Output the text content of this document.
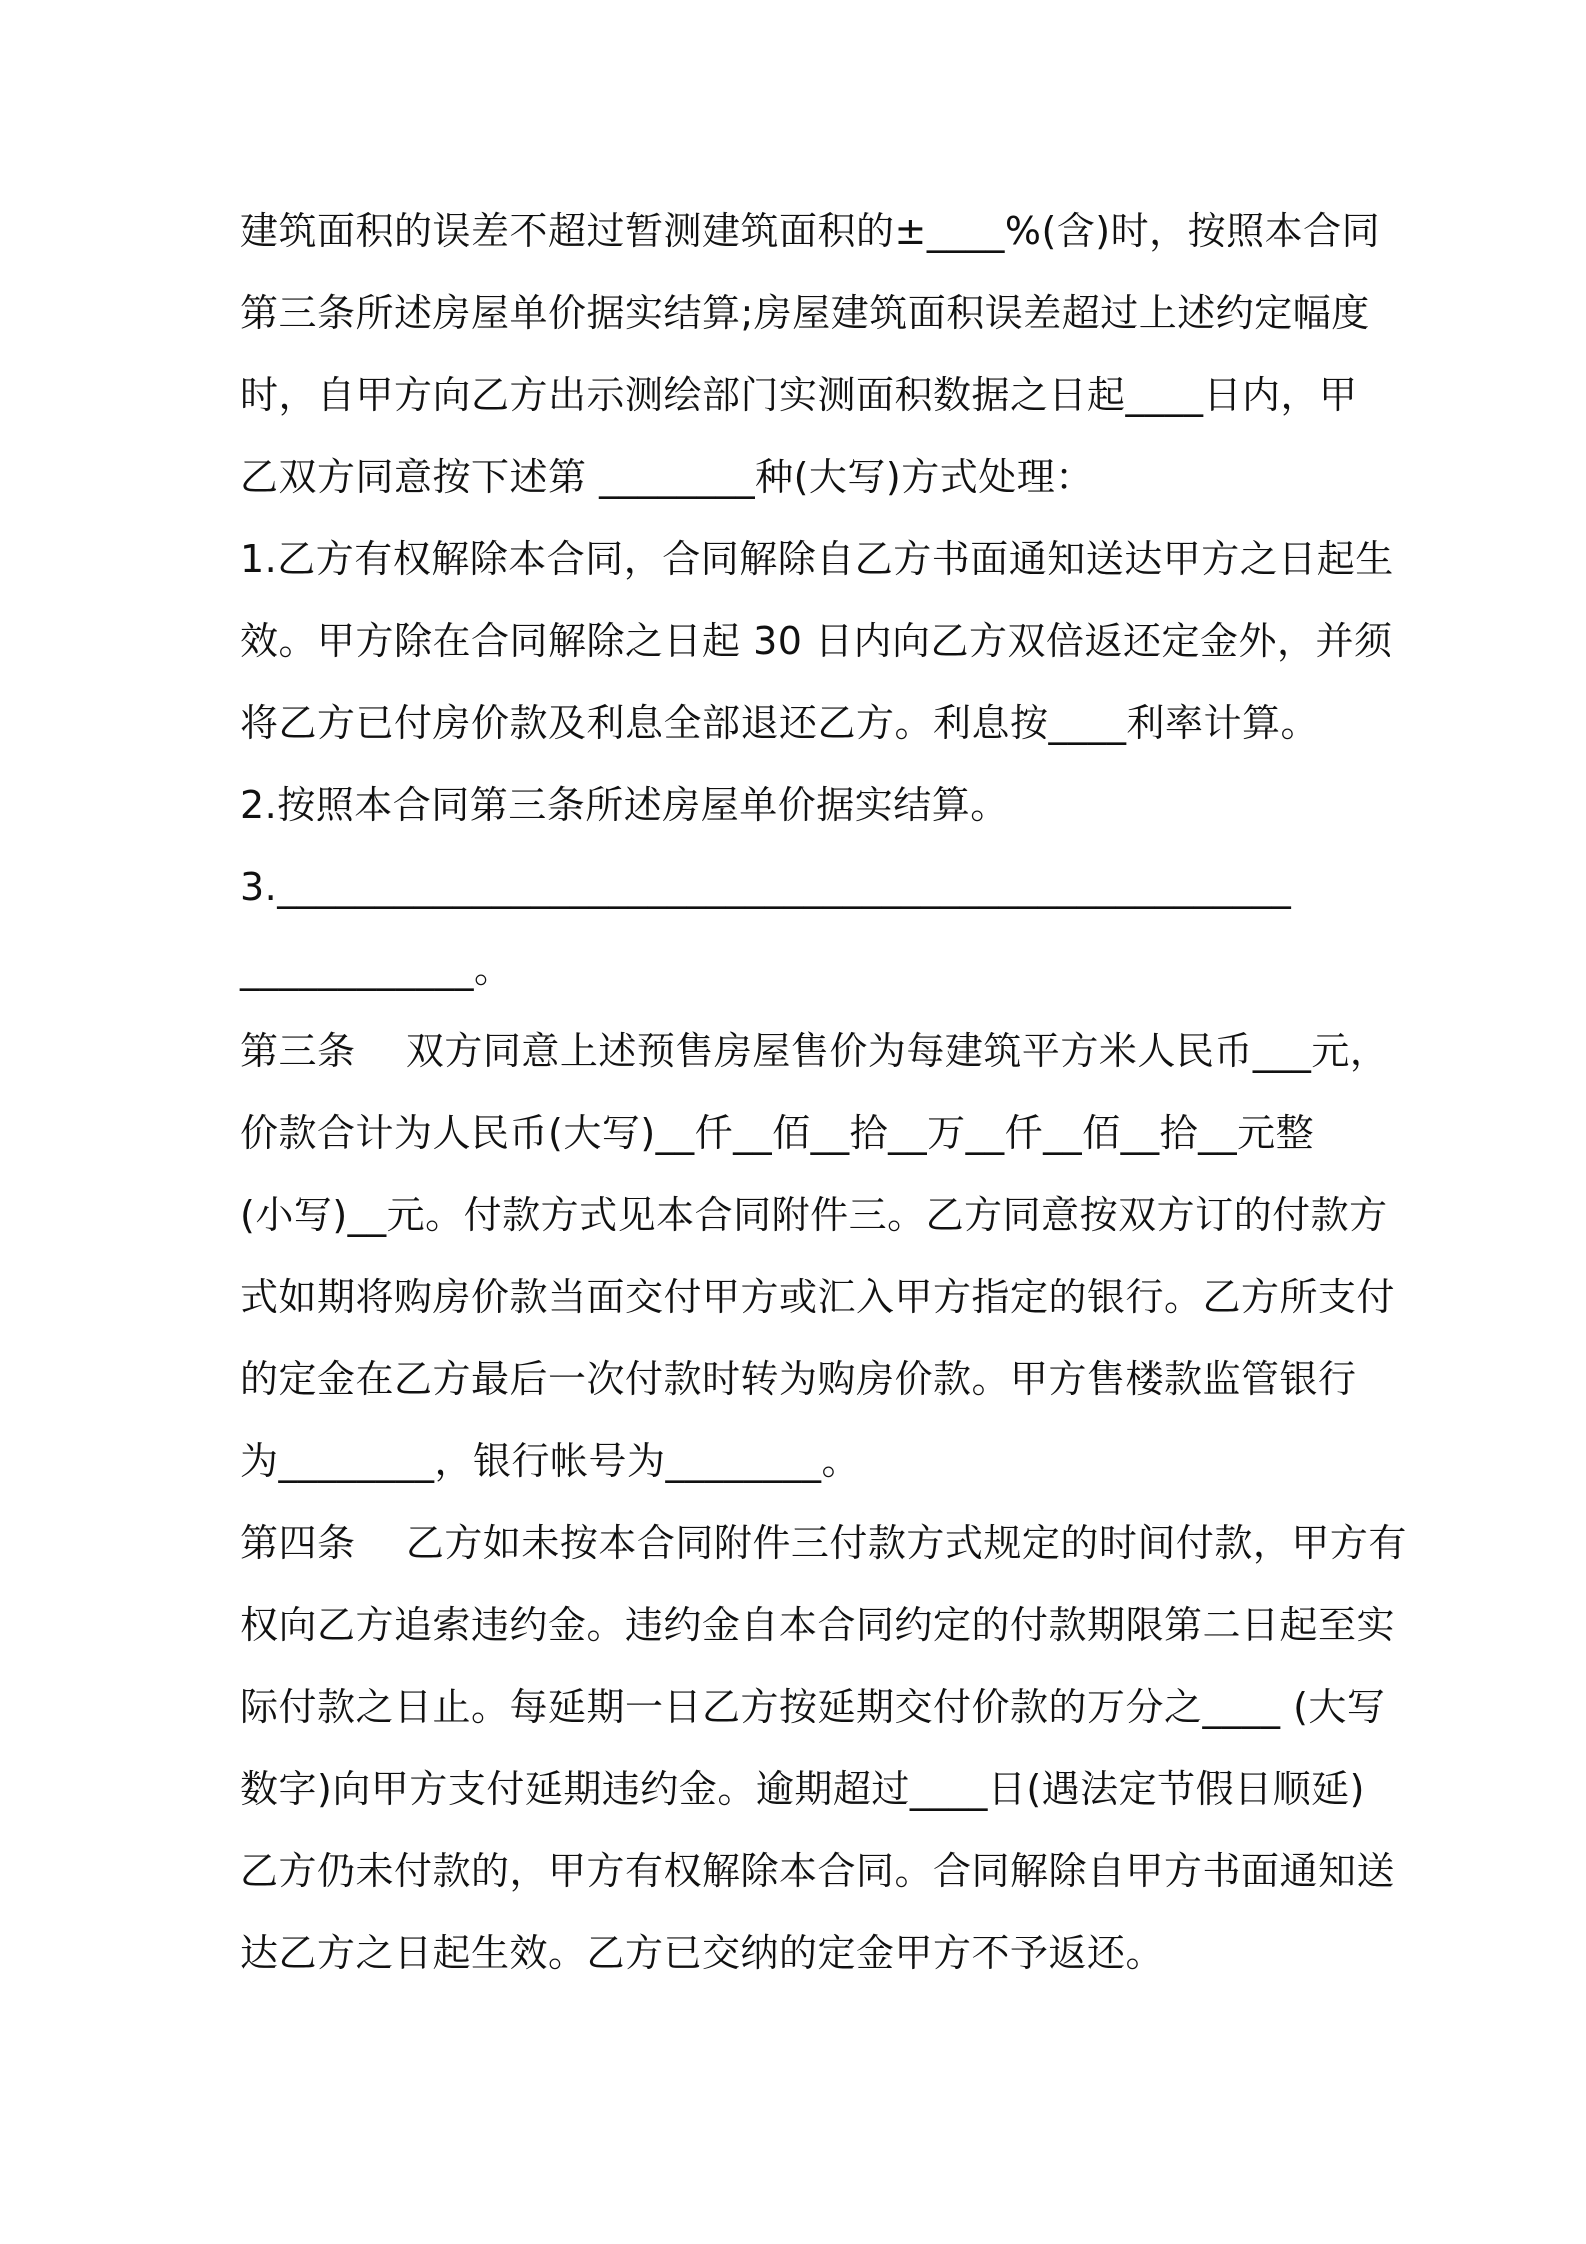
建筑面积的误差不超过暂测建筑面积的±____%(含)时，按照本合同
第三条所述房屋单价据实结算;房屋建筑面积误差超过上述约定幅度
时，自甲方向乙方出示测绘部门实测面积数据之日起____日内，甲
乙双方同意按下述第 ________种(大写)方式处理：
1.乙方有权解除本合同，合同解除自乙方书面通知送达甲方之日起生
效。甲方除在合同解除之日起 30 日内向乙方双倍返还定金外，并须
将乙方已付房价款及利息全部退还乙方。利息按____利率计算。
2.按照本合同第三条所述房屋单价据实结算。
3.____________________________________________________
____________。
第三条    双方同意上述预售房屋售价为每建筑平方米人民币___元，
价款合计为人民币(大写)__仟__佰__拾__万__仟__佰__拾__元整
(小写)__元。付款方式见本合同附件三。乙方同意按双方订的付款方
式如期将购房价款当面交付甲方或汇入甲方指定的银行。乙方所支付
的定金在乙方最后一次付款时转为购房价款。甲方售楼款监管银行
为________，银行帐号为________。
第四条    乙方如未按本合同附件三付款方式规定的时间付款，甲方有
权向乙方追索违约金。违约金自本合同约定的付款期限第二日起至实
际付款之日止。每延期一日乙方按延期交付价款的万分之____ (大写
数字)向甲方支付延期违约金。逾期超过____日(遇法定节假日顺延)
乙方仍未付款的，甲方有权解除本合同。合同解除自甲方书面通知送
达乙方之日起生效。乙方已交纳的定金甲方不予返还。
